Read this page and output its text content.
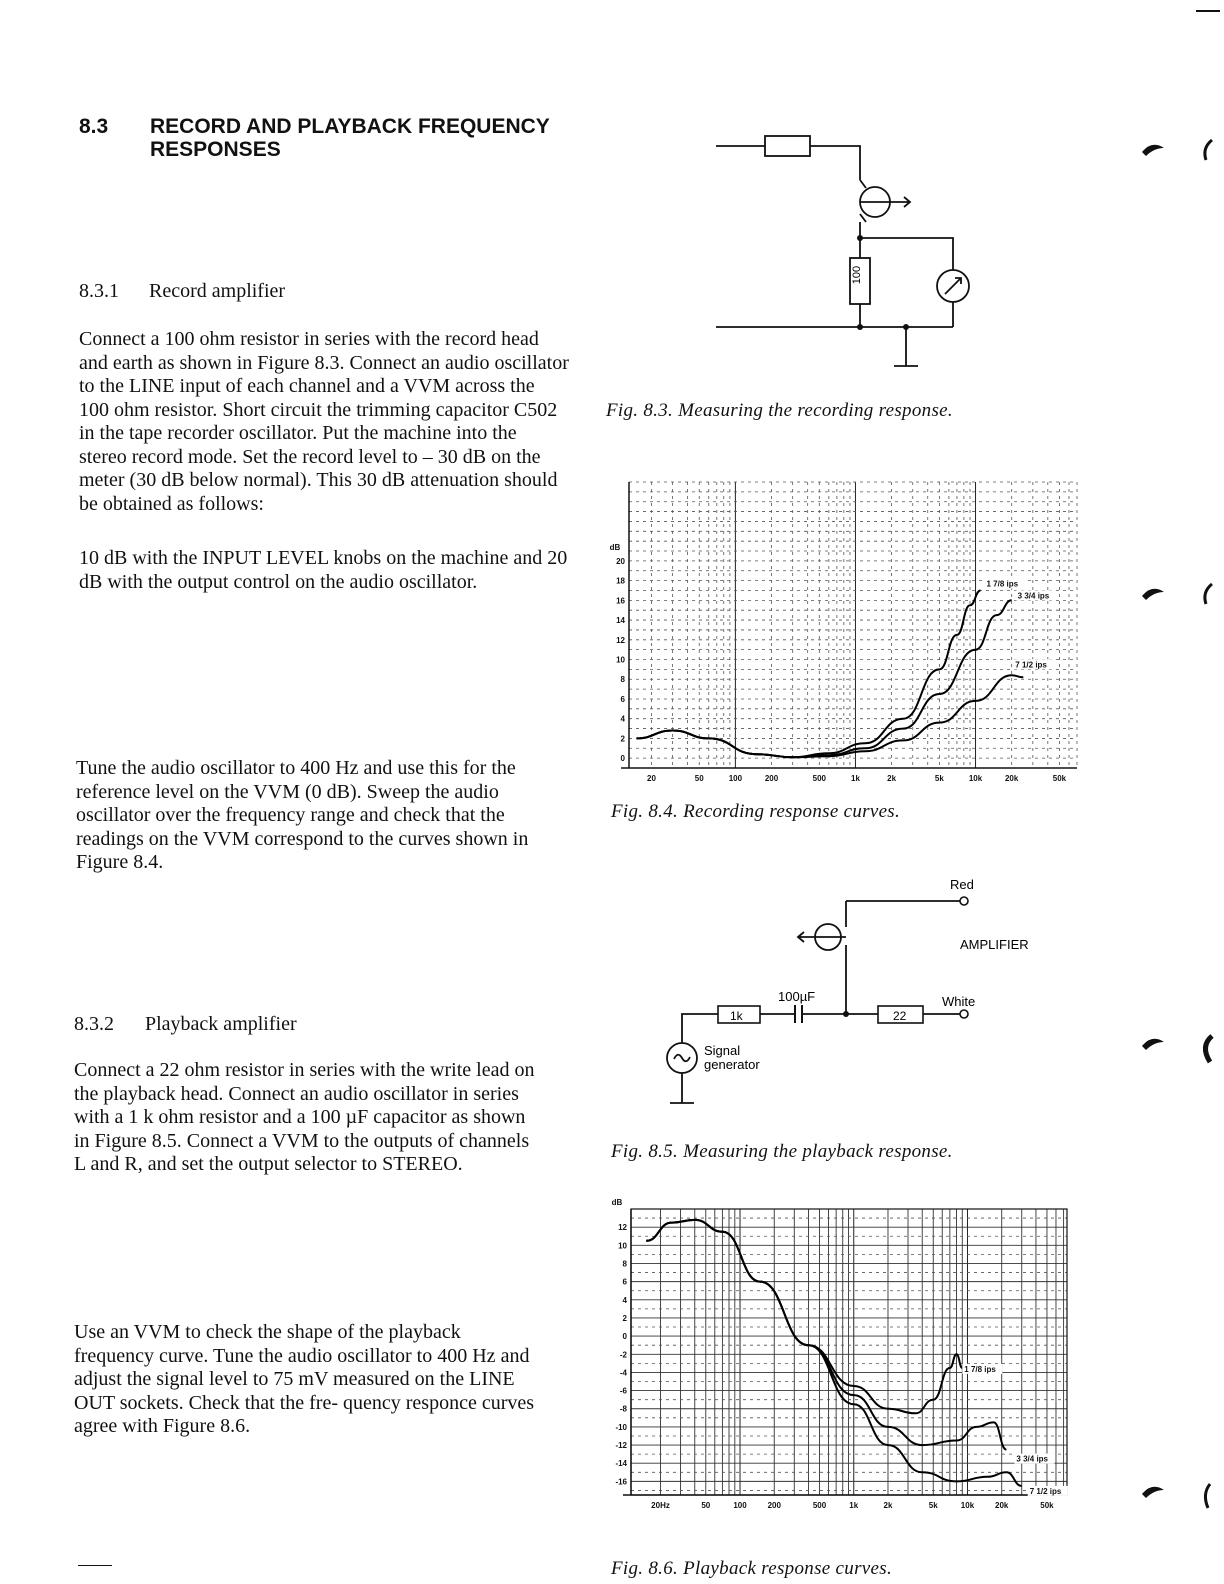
8.3 RECORD AND PLAYBACK FREQUENCY
RESPONSES
8.3.1 Record amplifier
Connect a 100 ohm resistor in series with the record head and earth as shown in Figure 8.3. Connect an audio oscillator to the LINE input of each channel and a VVM across the 100 ohm resistor. Short circuit the trimming capacitor C502 in the tape recorder oscillator. Put the machine into the stereo record mode. Set the record level to – 30 dB on the meter (30 dB below normal). This 30 dB attenuation should be obtained as follows:
10 dB with the INPUT LEVEL knobs on the machine and 20 dB with the output control on the audio oscillator.
Tune the audio oscillator to 400 Hz and use this for the reference level on the VVM (0 dB). Sweep the audio oscillator over the frequency range and check that the readings on the VVM correspond to the curves shown in Figure 8.4.
8.3.2 Playback amplifier
Connect a 22 ohm resistor in series with the write lead on the playback head. Connect an audio oscillator in series with a 1 k ohm resistor and a 100 µF capacitor as shown in Figure 8.5. Connect a VVM to the outputs of channels L and R, and set the output selector to STEREO.
Use an VVM to check the shape of the playback frequency curve. Tune the audio oscillator to 400 Hz and adjust the signal level to 75 mV measured on the LINE OUT sockets. Check that the fre- quency responce curves agree with Figure 8.6.
100
Fig. 8.3. Measuring the recording response.
20
18
16
14
12
10
8
6
4
2
0
dB
20	50	100	200	500	1k	2k	5k	10k	20k	50k
1 7/8 ips
3 3/4 ips
7 1/2 ips
Fig. 8.4. Recording response curves.
Red
AMPLIFIER
100µF	White
1k	22
Signal
generator
Fig. 8.5. Measuring the playback response.
12
10
8
6
4
2
0
-2
-4
-6
-8
-10
-12
-14
-16
dB
20Hz	50	100	200	500	1k	2k	5k	10k	20k	50k
1 7/8 ips
3 3/4 ips
7 1/2 ips
Fig. 8.6. Playback response curves.
